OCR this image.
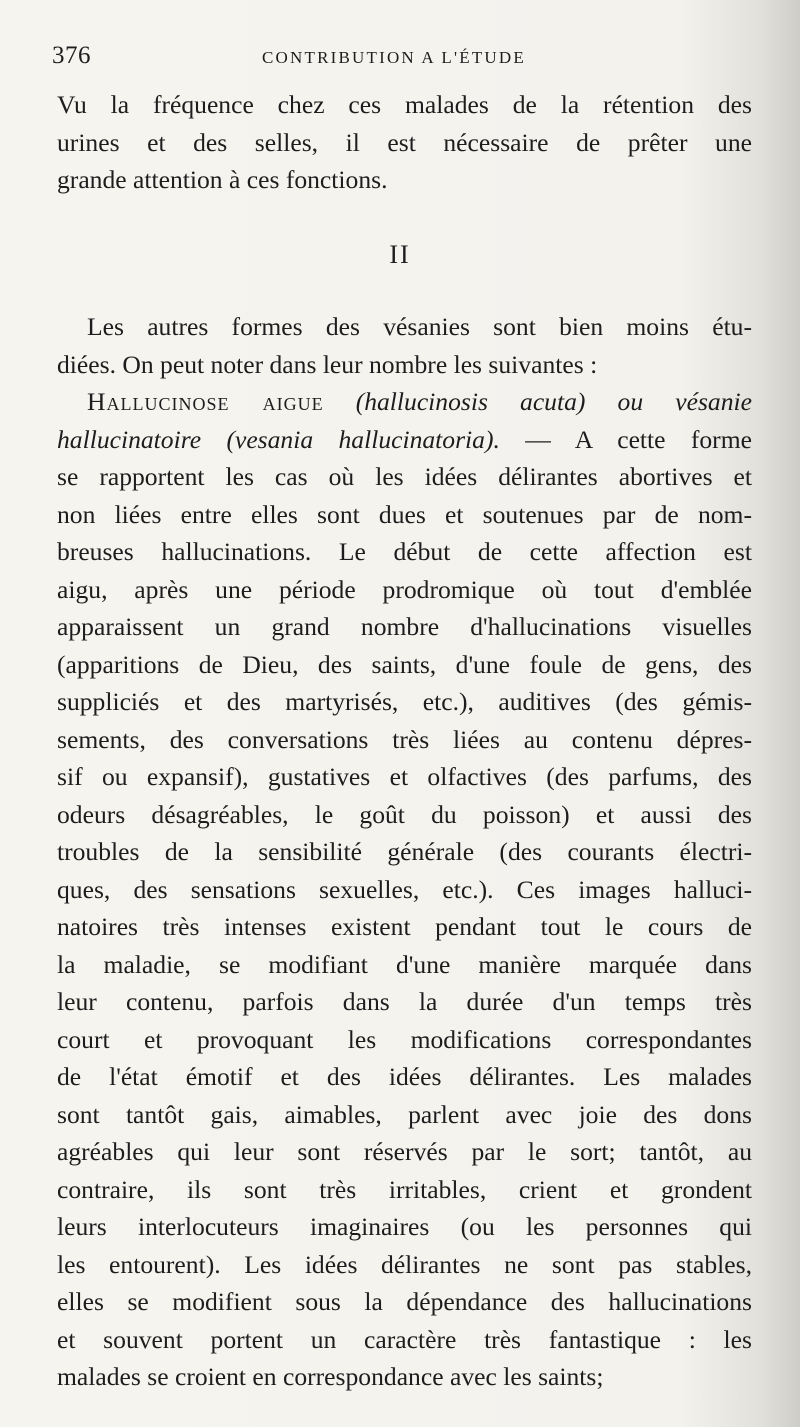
376	CONTRIBUTION A L'ÉTUDE
Vu la fréquence chez ces malades de la rétention des
urines et des selles, il est nécessaire de prêter une
grande attention à ces fonctions.
II
Les autres formes des vésanies sont bien moins étu-
diées. On peut noter dans leur nombre les suivantes :
Hallucinose aigue (hallucinosis acuta) ou vésanie
hallucinatoire (vesania hallucinatoria). — A cette forme
se rapportent les cas où les idées délirantes abortives et
non liées entre elles sont dues et soutenues par de nom-
breuses hallucinations. Le début de cette affection est
aigu, après une période prodromique où tout d'emblée
apparaissent un grand nombre d'hallucinations visuelles
(apparitions de Dieu, des saints, d'une foule de gens, des
suppliciés et des martyrisés, etc.), auditives (des gémis-
sements, des conversations très liées au contenu dépres-
sif ou expansif), gustatives et olfactives (des parfums, des
odeurs désagréables, le goût du poisson) et aussi des
troubles de la sensibilité générale (des courants électri-
ques, des sensations sexuelles, etc.). Ces images halluci-
natoires très intenses existent pendant tout le cours de
la maladie, se modifiant d'une manière marquée dans
leur contenu, parfois dans la durée d'un temps très
court et provoquant les modifications correspondantes
de l'état émotif et des idées délirantes. Les malades
sont tantôt gais, aimables, parlent avec joie des dons
agréables qui leur sont réservés par le sort; tantôt, au
contraire, ils sont très irritables, crient et grondent
leurs interlocuteurs imaginaires (ou les personnes qui
les entourent). Les idées délirantes ne sont pas stables,
elles se modifient sous la dépendance des hallucinations
et souvent portent un caractère très fantastique : les
malades se croient en correspondance avec les saints;
